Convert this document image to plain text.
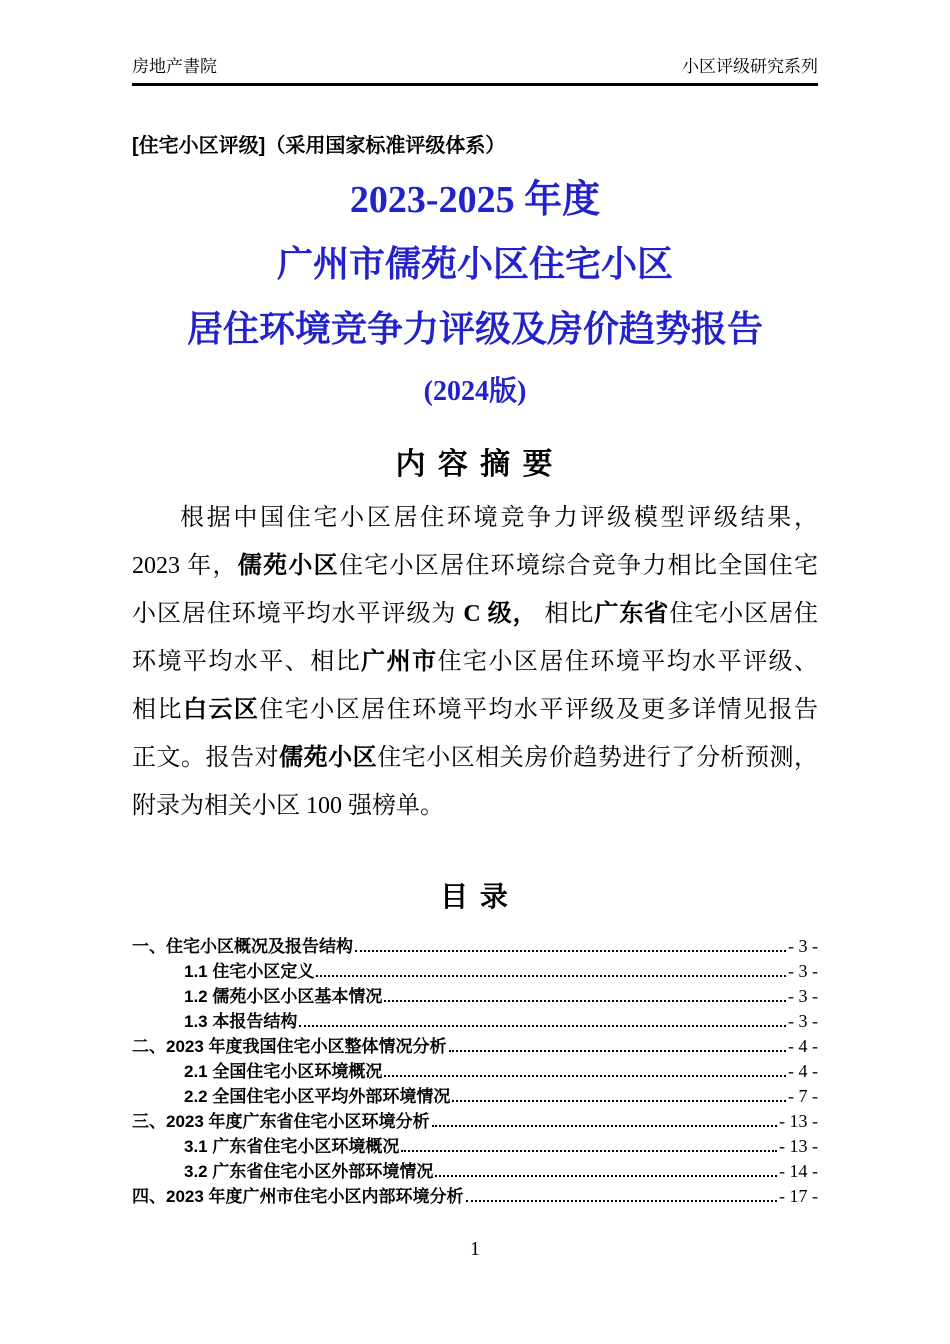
房地产書院	小区评级研究系列
[住宅小区评级]（采用国家标准评级体系）
2023-2025 年度
广州市儒苑小区住宅小区
居住环境竞争力评级及房价趋势报告
(2024版)
内 容 摘 要
根据中国住宅小区居住环境竞争力评级模型评级结果，
2023 年，儒苑小区住宅小区居住环境综合竞争力相比全国住宅
小区居住环境平均水平评级为 C 级， 相比广东省住宅小区居住
环境平均水平、相比广州市住宅小区居住环境平均水平评级、
相比白云区住宅小区居住环境平均水平评级及更多详情见报告
正文。报告对儒苑小区住宅小区相关房价趋势进行了分析预测，
附录为相关小区 100 强榜单。
目 录
一、住宅小区概况及报告结构	- 3 -
1.1 住宅小区定义	- 3 -
1.2 儒苑小区小区基本情况	- 3 -
1.3 本报告结构	- 3 -
二、2023 年度我国住宅小区整体情况分析	- 4 -
2.1 全国住宅小区环境概况	- 4 -
2.2 全国住宅小区平均外部环境情况	- 7 -
三、2023 年度广东省住宅小区环境分析	- 13 -
3.1 广东省住宅小区环境概况	- 13 -
3.2 广东省住宅小区外部环境情况	- 14 -
四、2023 年度广州市住宅小区内部环境分析	- 17 -
1
